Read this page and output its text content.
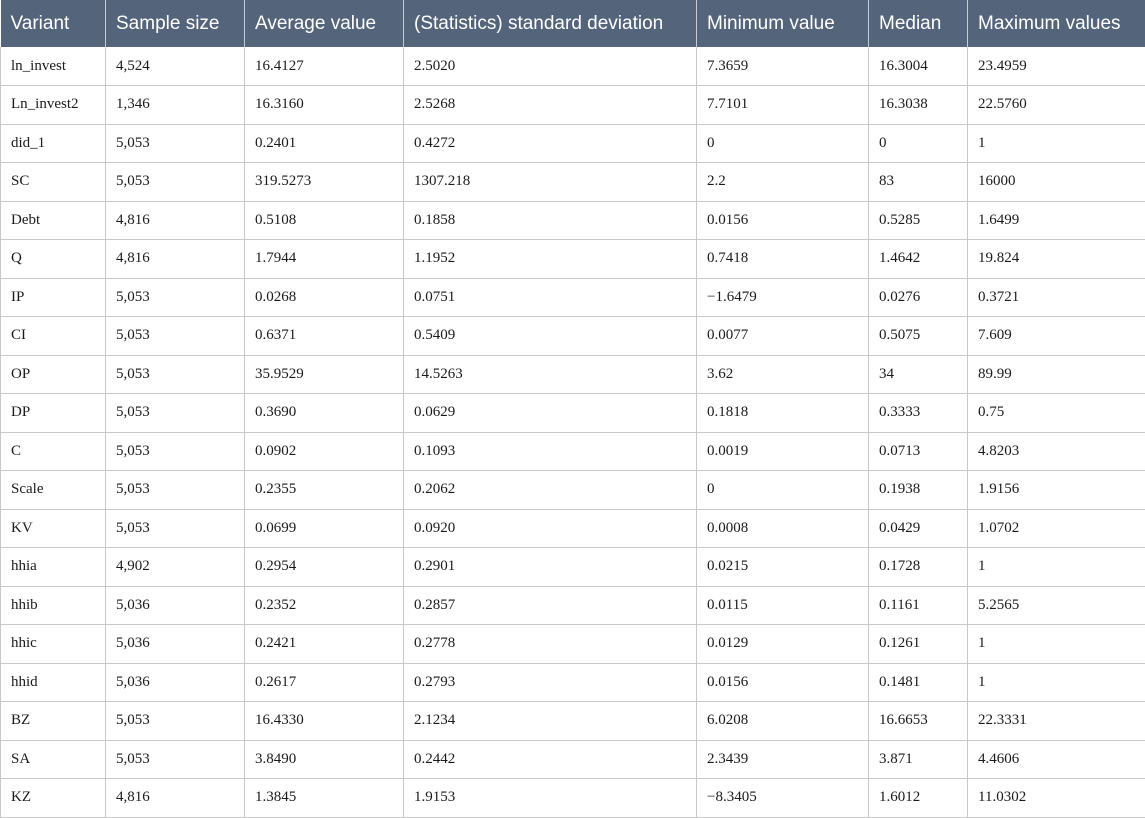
Variant	Sample size	Average value	(Statistics) standard deviation	Minimum value	Median	Maximum values
ln_invest	4,524	16.4127	2.5020	7.3659	16.3004	23.4959
Ln_invest2	1,346	16.3160	2.5268	7.7101	16.3038	22.5760
did_1	5,053	0.2401	0.4272	0	0	1
SC	5,053	319.5273	1307.218	2.2	83	16000
Debt	4,816	0.5108	0.1858	0.0156	0.5285	1.6499
Q	4,816	1.7944	1.1952	0.7418	1.4642	19.824
IP	5,053	0.0268	0.0751	−1.6479	0.0276	0.3721
CI	5,053	0.6371	0.5409	0.0077	0.5075	7.609
OP	5,053	35.9529	14.5263	3.62	34	89.99
DP	5,053	0.3690	0.0629	0.1818	0.3333	0.75
C	5,053	0.0902	0.1093	0.0019	0.0713	4.8203
Scale	5,053	0.2355	0.2062	0	0.1938	1.9156
KV	5,053	0.0699	0.0920	0.0008	0.0429	1.0702
hhia	4,902	0.2954	0.2901	0.0215	0.1728	1
hhib	5,036	0.2352	0.2857	0.0115	0.1161	5.2565
hhic	5,036	0.2421	0.2778	0.0129	0.1261	1
hhid	5,036	0.2617	0.2793	0.0156	0.1481	1
BZ	5,053	16.4330	2.1234	6.0208	16.6653	22.3331
SA	5,053	3.8490	0.2442	2.3439	3.871	4.4606
KZ	4,816	1.3845	1.9153	−8.3405	1.6012	11.0302
